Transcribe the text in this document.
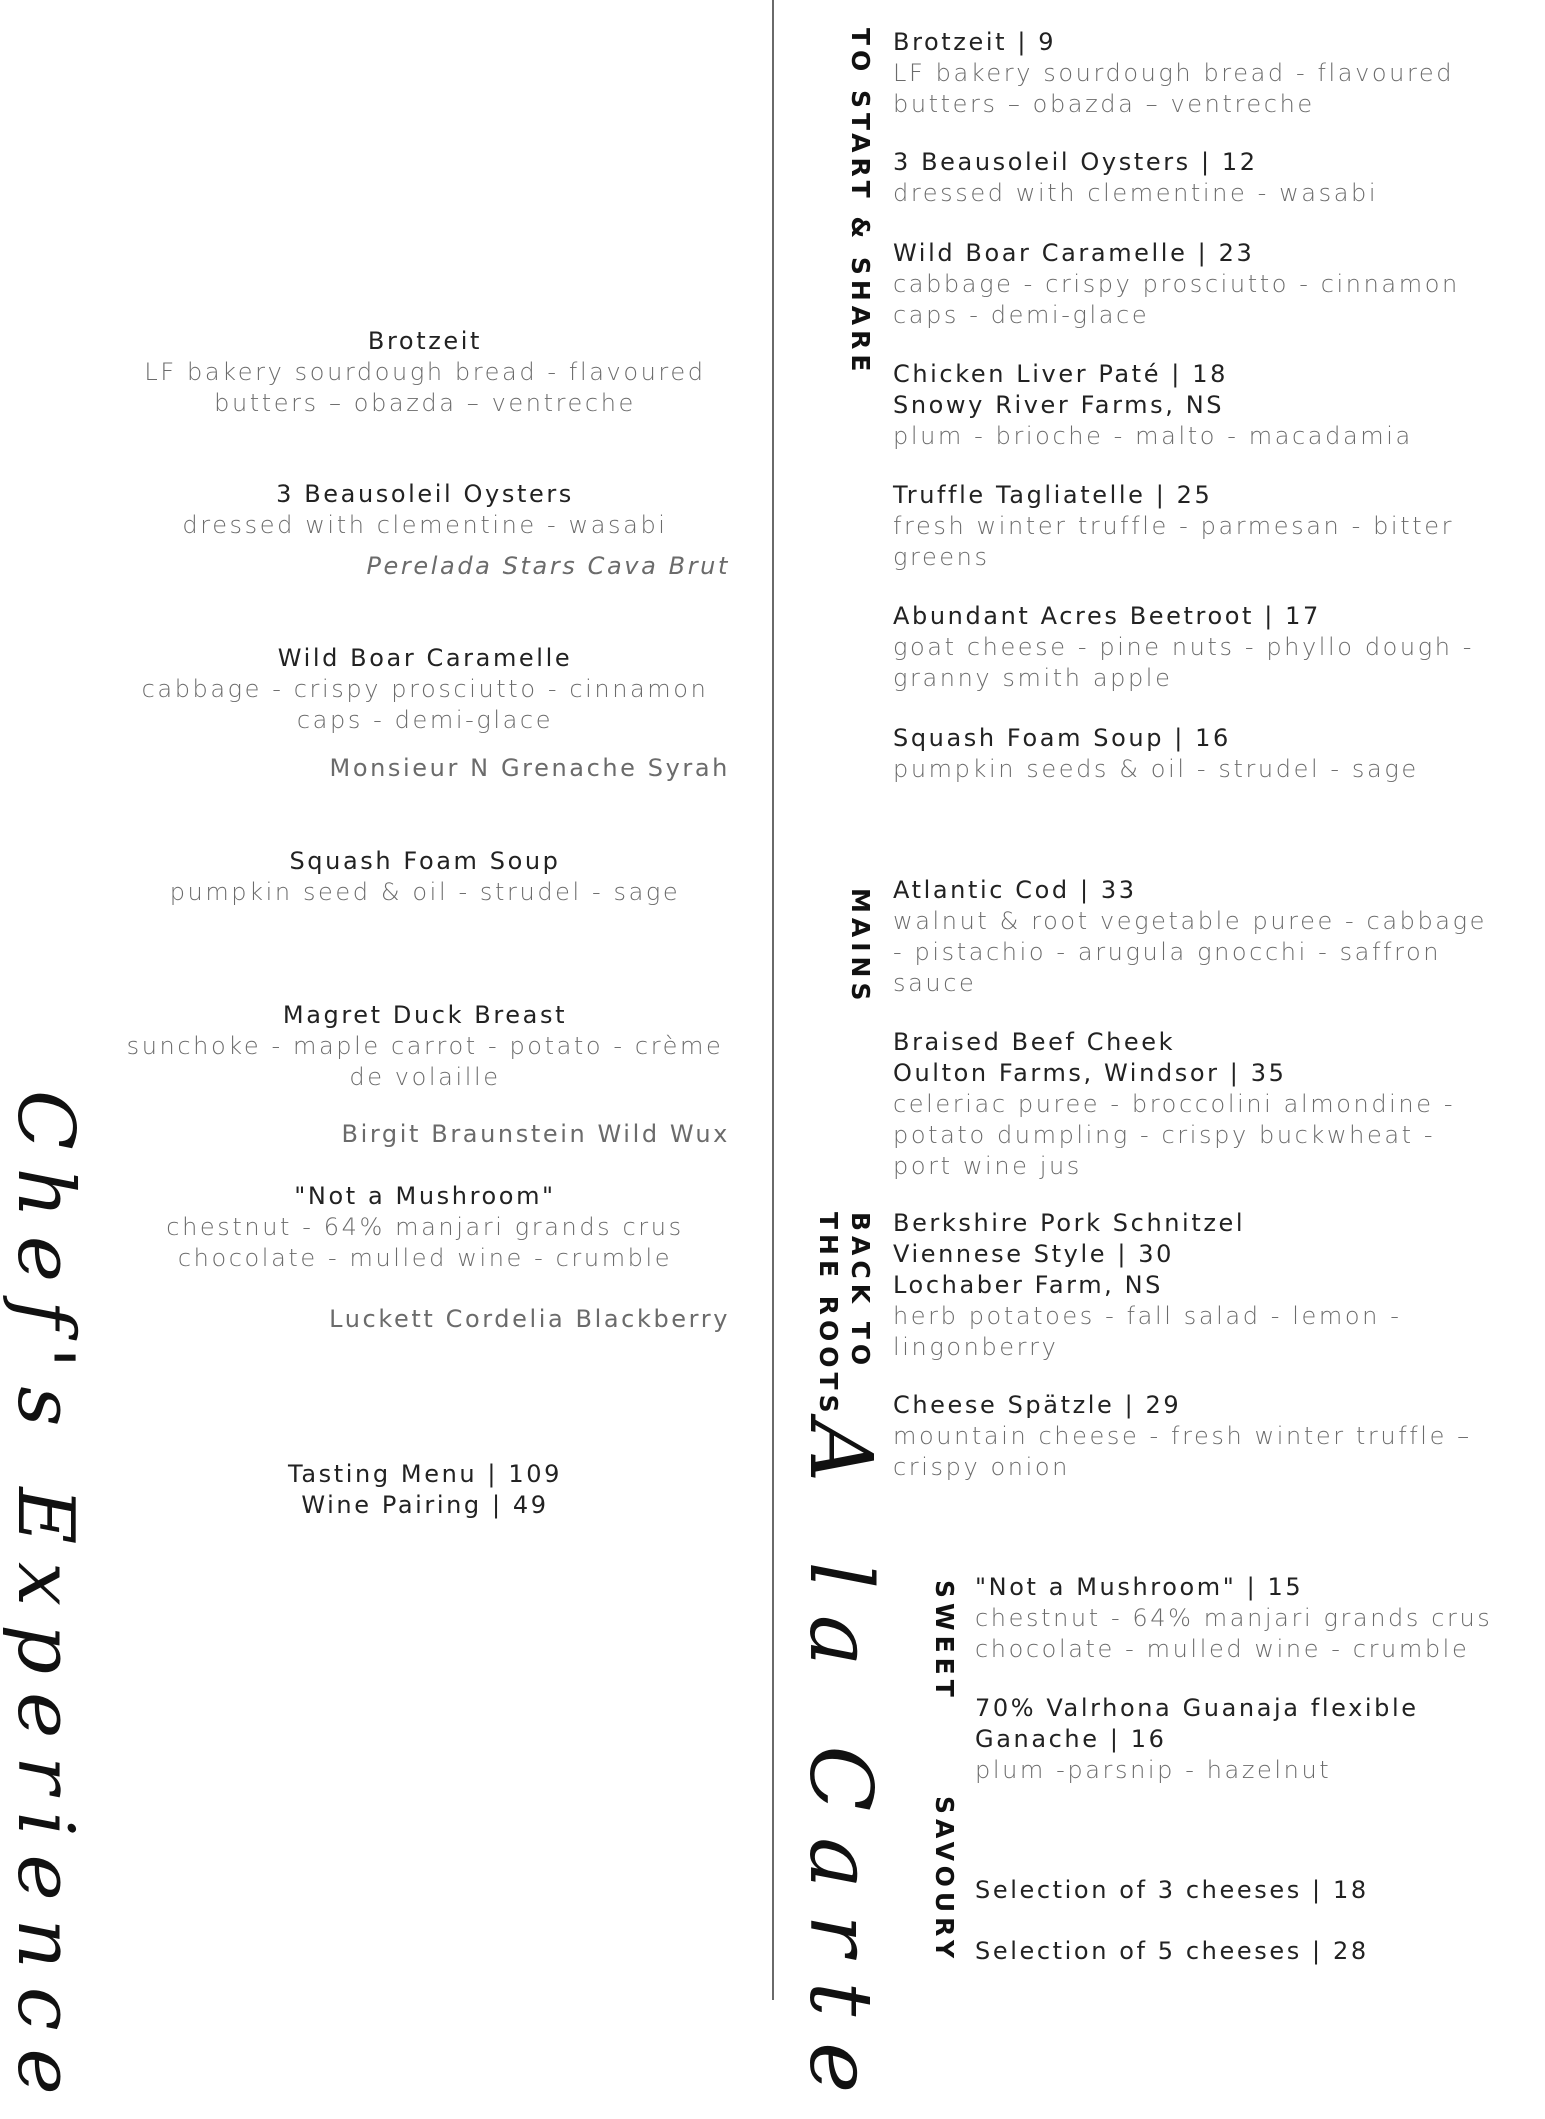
Chef's Experience
Brotzeit
LF bakery sourdough bread - flavoured
butters – obazda – ventreche
3 Beausoleil Oysters
dressed with clementine - wasabi
Perelada Stars Cava Brut
Wild Boar Caramelle
cabbage - crispy prosciutto - cinnamon
caps - demi-glace
Monsieur N Grenache Syrah
Squash Foam Soup
pumpkin seed & oil - strudel - sage
Magret Duck Breast
sunchoke - maple carrot - potato - crème
de volaille
Birgit Braunstein Wild Wux
"Not a Mushroom"
chestnut - 64% manjari grands crus
chocolate - mulled wine - crumble
Luckett Cordelia Blackberry
Tasting Menu | 109
Wine Pairing | 49	A la Carte
TO START & SHARE
MAINS
BACK TO
THE ROOTS
SWEET
SAVOURY
Brotzeit | 9
LF bakery sourdough bread - flavoured
butters – obazda – ventreche
3 Beausoleil Oysters | 12
dressed with clementine - wasabi
Wild Boar Caramelle | 23
cabbage - crispy prosciutto - cinnamon
caps - demi-glace
Chicken Liver Paté | 18
Snowy River Farms, NS
plum - brioche - malto - macadamia
Truffle Tagliatelle | 25
fresh winter truffle - parmesan - bitter
greens
Abundant Acres Beetroot | 17
goat cheese - pine nuts - phyllo dough -
granny smith apple
Squash Foam Soup | 16
pumpkin seeds & oil - strudel - sage
Atlantic Cod | 33
walnut & root vegetable puree - cabbage
- pistachio - arugula gnocchi - saffron
sauce
Braised Beef Cheek
Oulton Farms, Windsor | 35
celeriac puree - broccolini almondine -
potato dumpling - crispy buckwheat -
port wine jus
Berkshire Pork Schnitzel
Viennese Style | 30
Lochaber Farm, NS
herb potatoes - fall salad - lemon -
lingonberry
Cheese Spätzle | 29
mountain cheese - fresh winter truffle –
crispy onion
"Not a Mushroom" | 15
chestnut - 64% manjari grands crus
chocolate - mulled wine - crumble
70% Valrhona Guanaja flexible
Ganache | 16
plum -parsnip - hazelnut
Selection of 3 cheeses | 18
Selection of 5 cheeses | 28
